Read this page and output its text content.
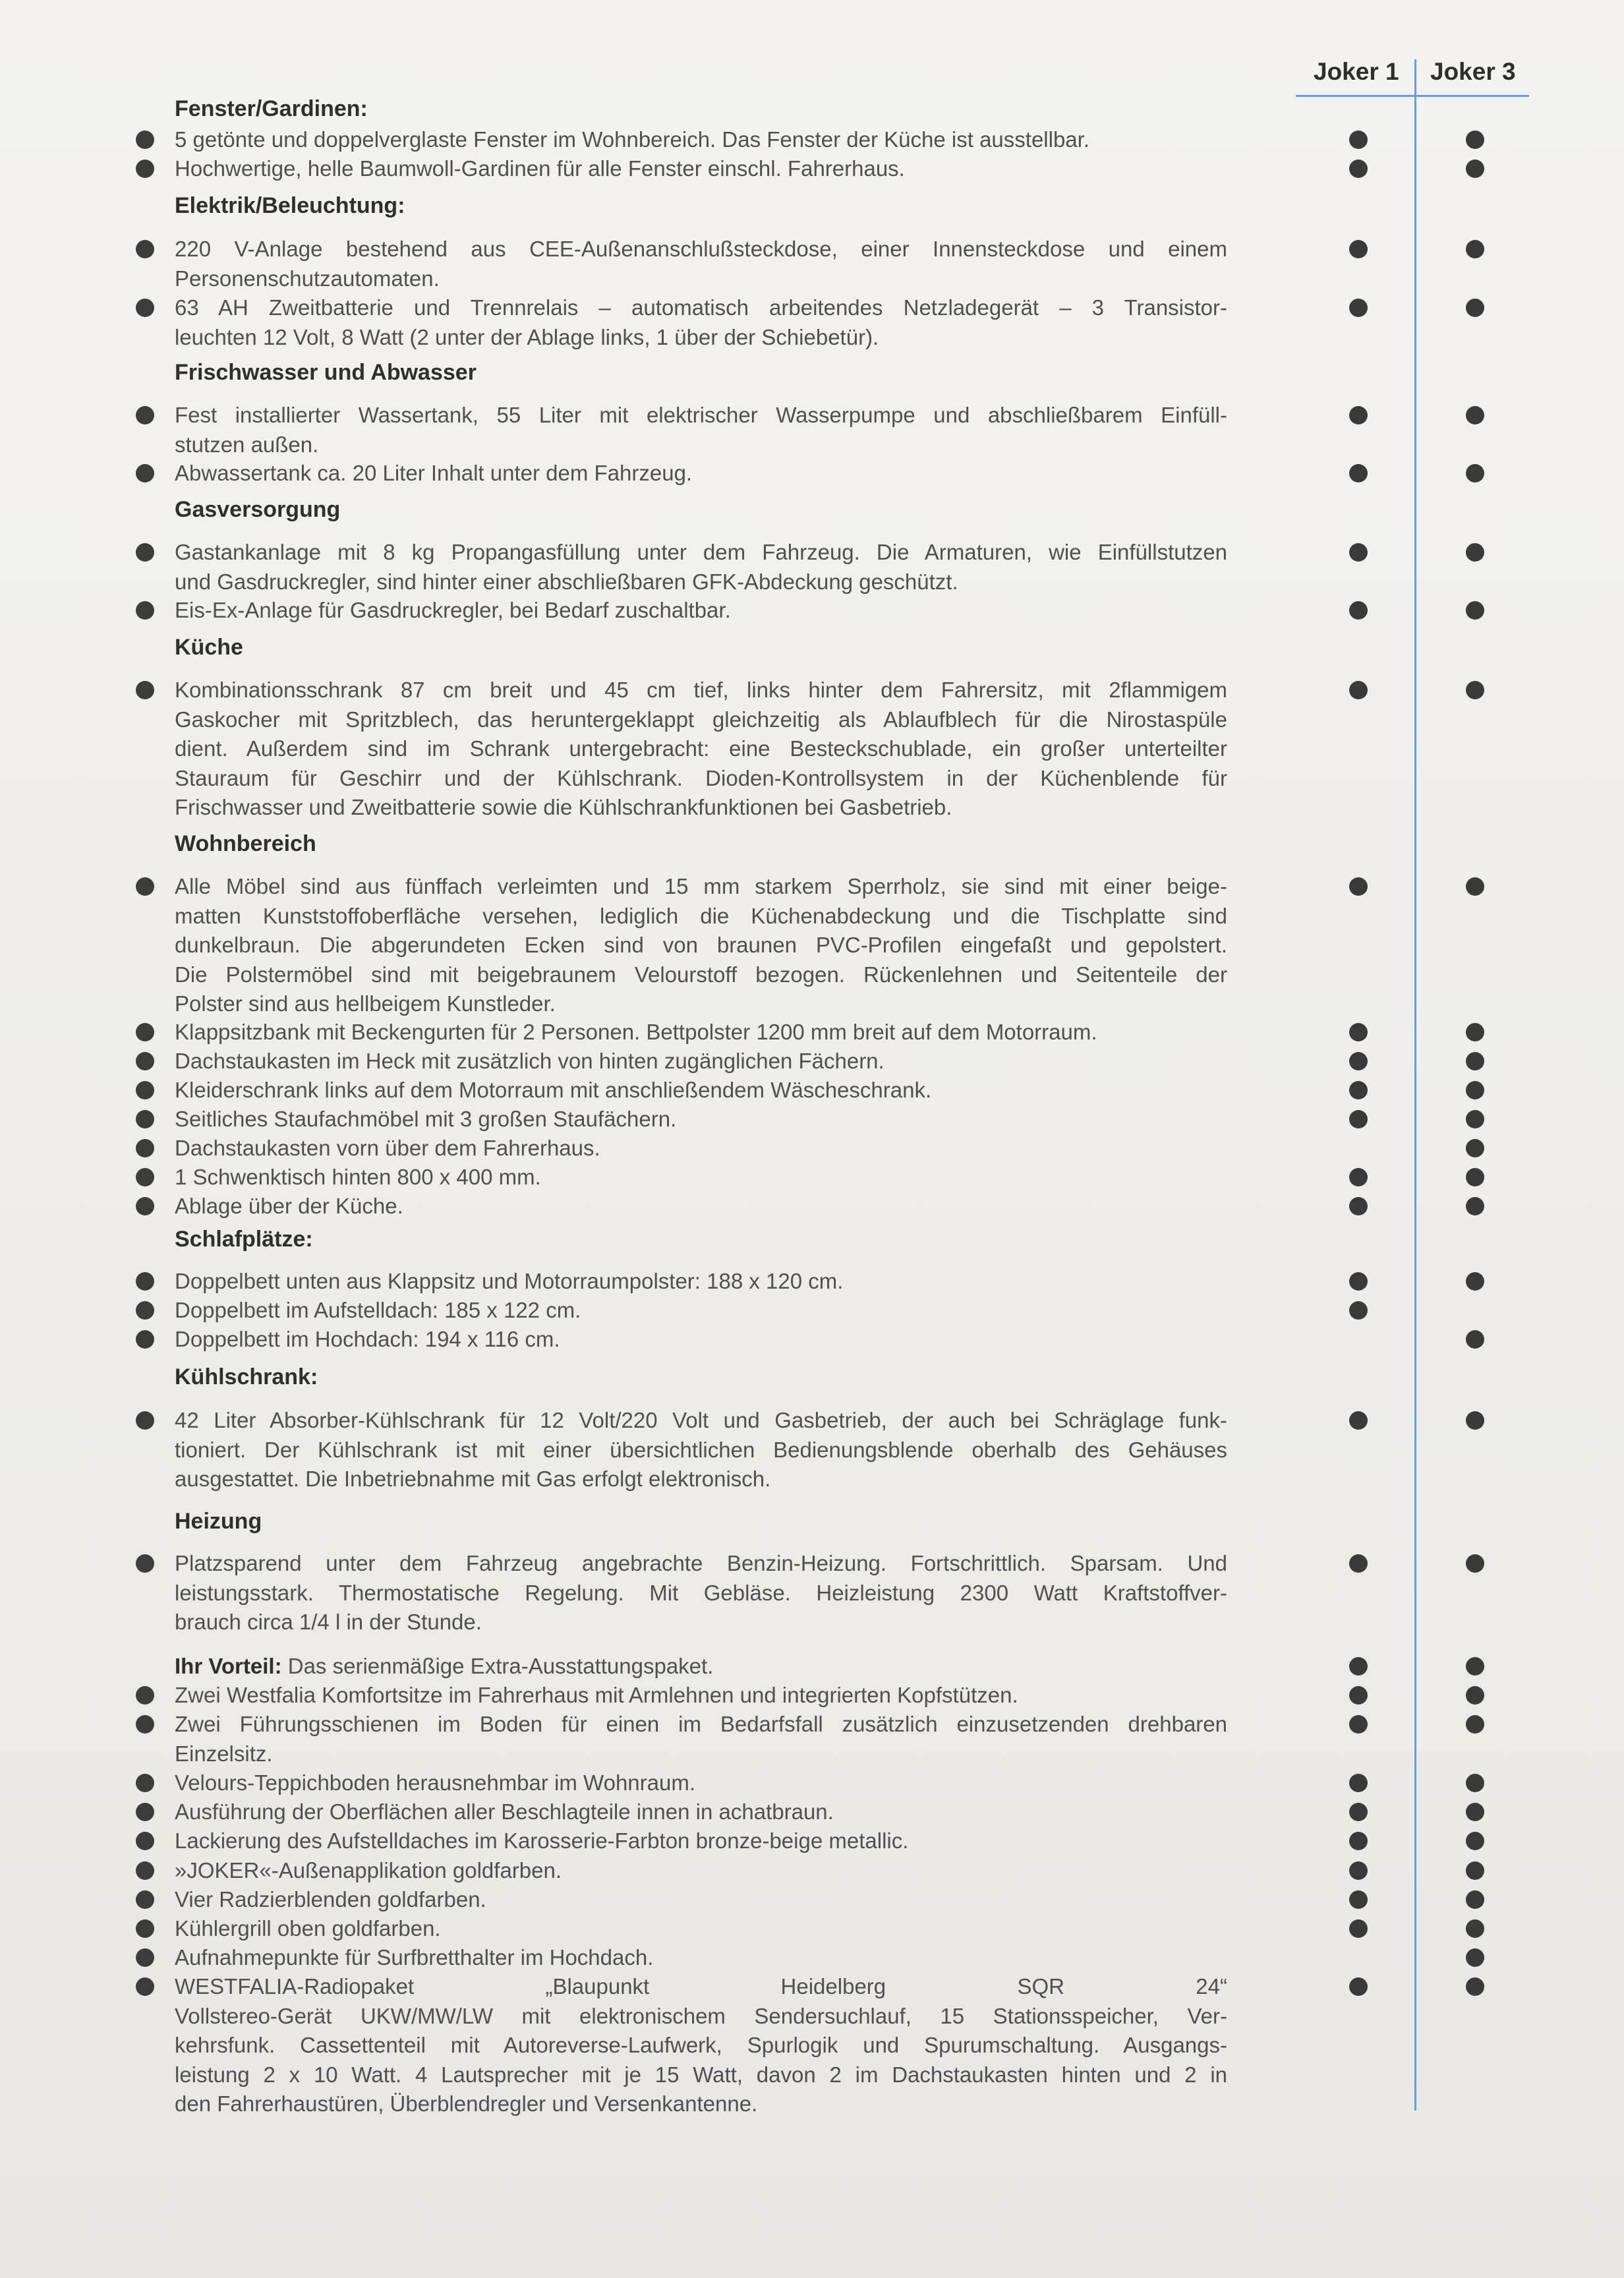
Joker 1 Joker 3
Fenster/Gardinen:
5 getönte und doppelverglaste Fenster im Wohnbereich. Das Fenster der Küche ist ausstellbar.
Hochwertige, helle Baumwoll-Gardinen für alle Fenster einschl. Fahrerhaus.
Elektrik/Beleuchtung:
220 V-Anlage bestehend aus CEE-Außenanschlußsteckdose, einer Innensteckdose und einem
Personenschutzautomaten.
63 AH Zweitbatterie und Trennrelais – automatisch arbeitendes Netzladegerät – 3 Transistor-
leuchten 12 Volt, 8 Watt (2 unter der Ablage links, 1 über der Schiebetür).
Frischwasser und Abwasser
Fest installierter Wassertank, 55 Liter mit elektrischer Wasserpumpe und abschließbarem Einfüll-
stutzen außen.
Abwassertank ca. 20 Liter Inhalt unter dem Fahrzeug.
Gasversorgung
Gastankanlage mit 8 kg Propangasfüllung unter dem Fahrzeug. Die Armaturen, wie Einfüllstutzen
und Gasdruckregler, sind hinter einer abschließbaren GFK-Abdeckung geschützt.
Eis-Ex-Anlage für Gasdruckregler, bei Bedarf zuschaltbar.
Küche
Kombinationsschrank 87 cm breit und 45 cm tief, links hinter dem Fahrersitz, mit 2flammigem
Gaskocher mit Spritzblech, das heruntergeklappt gleichzeitig als Ablaufblech für die Nirostaspüle
dient. Außerdem sind im Schrank untergebracht: eine Besteckschublade, ein großer unterteilter
Stauraum für Geschirr und der Kühlschrank. Dioden-Kontrollsystem in der Küchenblende für
Frischwasser und Zweitbatterie sowie die Kühlschrankfunktionen bei Gasbetrieb.
Wohnbereich
Alle Möbel sind aus fünffach verleimten und 15 mm starkem Sperrholz, sie sind mit einer beige-
matten Kunststoffoberfläche versehen, lediglich die Küchenabdeckung und die Tischplatte sind
dunkelbraun. Die abgerundeten Ecken sind von braunen PVC-Profilen eingefaßt und gepolstert.
Die Polstermöbel sind mit beigebraunem Velourstoff bezogen. Rückenlehnen und Seitenteile der
Polster sind aus hellbeigem Kunstleder.
Klappsitzbank mit Beckengurten für 2 Personen. Bettpolster 1200 mm breit auf dem Motorraum.
Dachstaukasten im Heck mit zusätzlich von hinten zugänglichen Fächern.
Kleiderschrank links auf dem Motorraum mit anschließendem Wäscheschrank.
Seitliches Staufachmöbel mit 3 großen Staufächern.
Dachstaukasten vorn über dem Fahrerhaus.
1 Schwenktisch hinten 800 x 400 mm.
Ablage über der Küche.
Schlafplätze:
Doppelbett unten aus Klappsitz und Motorraumpolster: 188 x 120 cm.
Doppelbett im Aufstelldach: 185 x 122 cm.
Doppelbett im Hochdach: 194 x 116 cm.
Kühlschrank:
42 Liter Absorber-Kühlschrank für 12 Volt/220 Volt und Gasbetrieb, der auch bei Schräglage funk-
tioniert. Der Kühlschrank ist mit einer übersichtlichen Bedienungsblende oberhalb des Gehäuses
ausgestattet. Die Inbetriebnahme mit Gas erfolgt elektronisch.
Heizung
Platzsparend unter dem Fahrzeug angebrachte Benzin-Heizung. Fortschrittlich. Sparsam. Und
leistungsstark. Thermostatische Regelung. Mit Gebläse. Heizleistung 2300 Watt Kraftstoffver-
brauch circa 1/4 l in der Stunde.
Ihr Vorteil: Das serienmäßige Extra-Ausstattungspaket.
Zwei Westfalia Komfortsitze im Fahrerhaus mit Armlehnen und integrierten Kopfstützen.
Zwei Führungsschienen im Boden für einen im Bedarfsfall zusätzlich einzusetzenden drehbaren
Einzelsitz.
Velours-Teppichboden herausnehmbar im Wohnraum.
Ausführung der Oberflächen aller Beschlagteile innen in achatbraun.
Lackierung des Aufstelldaches im Karosserie-Farbton bronze-beige metallic.
»JOKER«-Außenapplikation goldfarben.
Vier Radzierblenden goldfarben.
Kühlergrill oben goldfarben.
Aufnahmepunkte für Surfbretthalter im Hochdach.
WESTFALIA-Radiopaket „Blaupunkt Heidelberg SQR 24“
Vollstereo-Gerät UKW/MW/LW mit elektronischem Sendersuchlauf, 15 Stationsspeicher, Ver-
kehrsfunk. Cassettenteil mit Autoreverse-Laufwerk, Spurlogik und Spurumschaltung. Ausgangs-
leistung 2 x 10 Watt. 4 Lautsprecher mit je 15 Watt, davon 2 im Dachstaukasten hinten und 2 in
den Fahrerhaustüren, Überblendregler und Versenkantenne.
